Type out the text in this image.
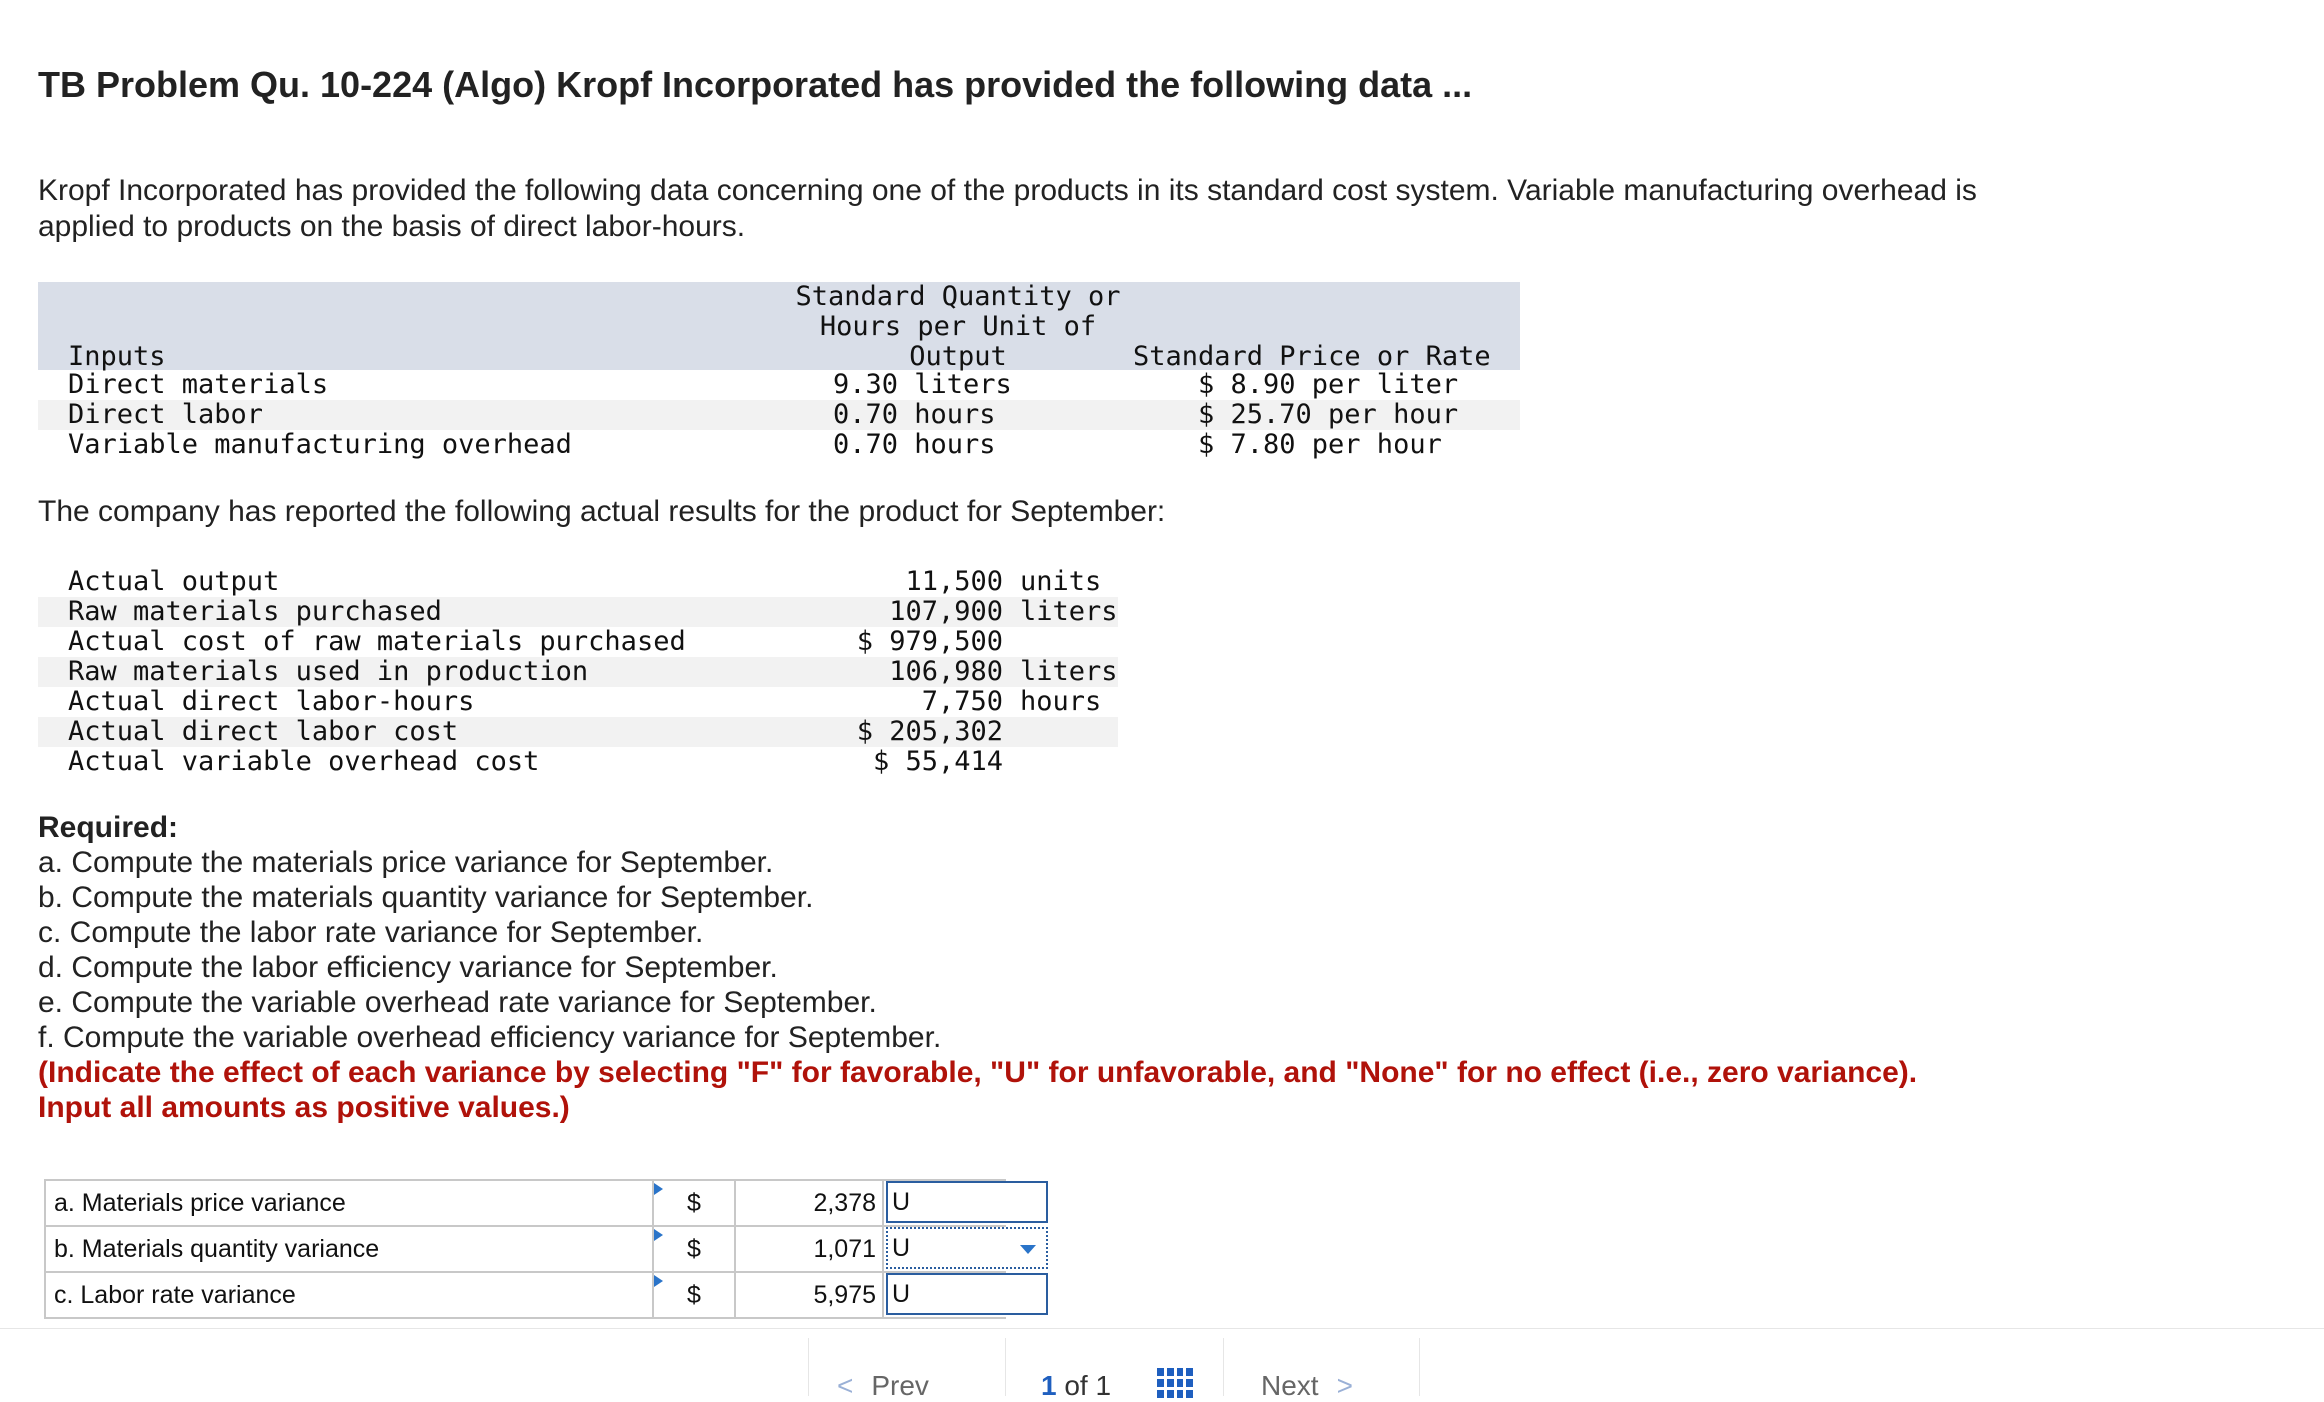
TB Problem Qu. 10-224 (Algo) Kropf Incorporated has provided the following data ...

Kropf Incorporated has provided the following data concerning one of the products in its standard cost system. Variable manufacturing overhead is applied to products on the basis of direct labor-hours.

Inputs
Standard Quantity or
Hours per Unit of
Output	Standard Price or Rate
Direct materials	9.30 liters	$ 8.90 per liter
Direct labor	0.70 hours	$ 25.70 per hour
Variable manufacturing overhead	0.70 hours	$ 7.80 per hour

The company has reported the following actual results for the product for September:

Actual output	11,500 units
Raw materials purchased	107,900 liters
Actual cost of raw materials purchased	$ 979,500
Raw materials used in production	106,980 liters
Actual direct labor-hours	7,750 hours
Actual direct labor cost	$ 205,302
Actual variable overhead cost	$ 55,414
Required:

a. Compute the materials price variance for September.

b. Compute the materials quantity variance for September.

c. Compute the labor rate variance for September.

d. Compute the labor efficiency variance for September.

e. Compute the variable overhead rate variance for September.

f. Compute the variable overhead efficiency variance for September.

(Indicate the effect of each variance by selecting "F" for favorable, "U" for unfavorable, and "None" for no effect (i.e., zero variance). Input all amounts as positive values.)

a. Materials price variance	$	2,378 U
b. Materials quantity variance	$	1,071 U
c. Labor rate variance	$	5,975 U
< Prev	1 of 1	Next >
